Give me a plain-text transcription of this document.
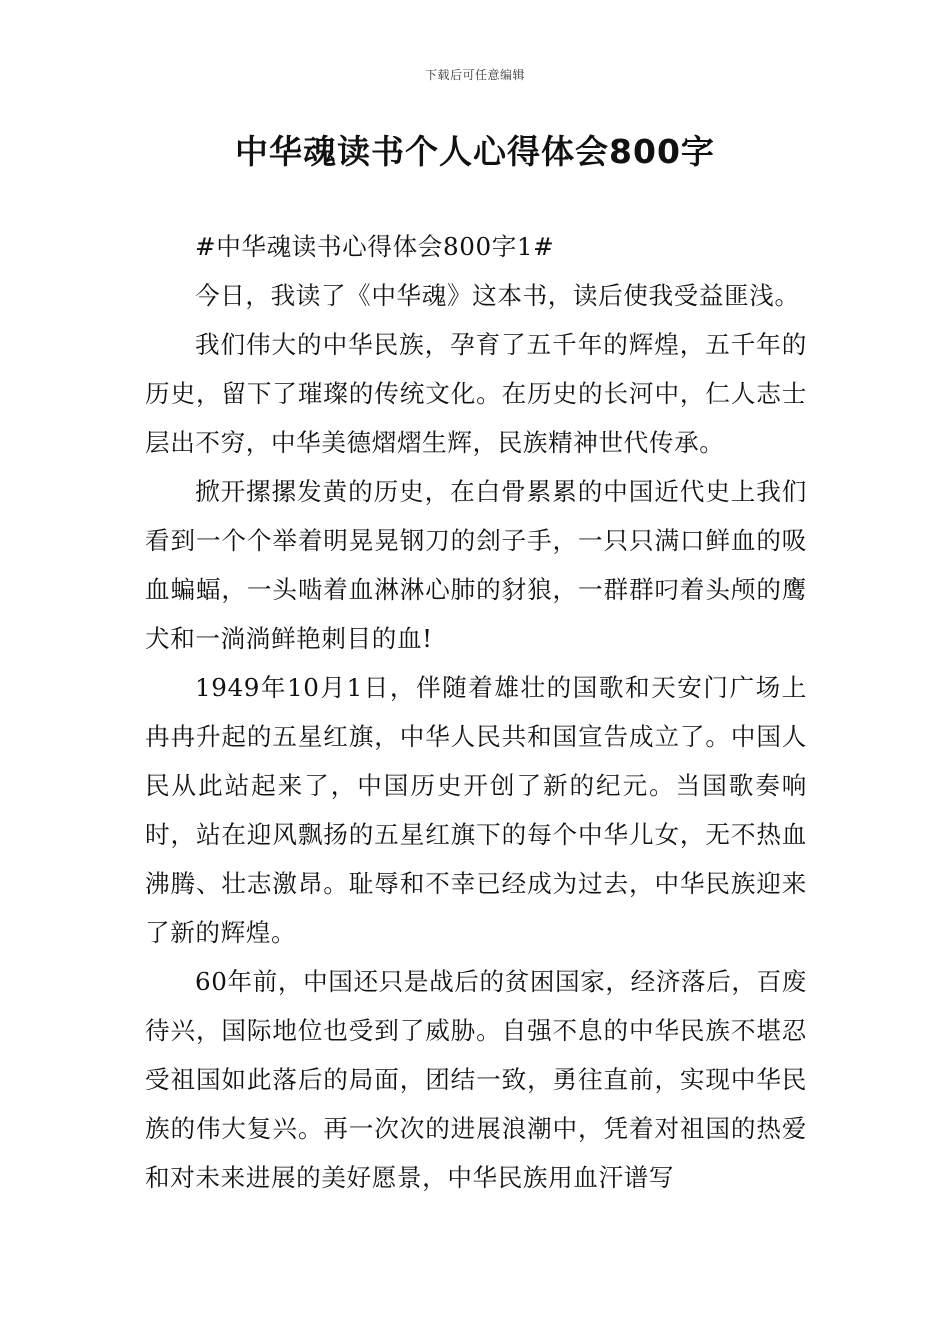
下载后可任意编辑
中华魂读书个人心得体会800字

#中华魂读书心得体会800字1#

今日，我读了《中华魂》这本书，读后使我受益匪浅。

我们伟大的中华民族，孕育了五千年的辉煌，五千年的历史，留下了璀璨的传统文化。在历史的长河中，仁人志士层出不穷，中华美德熠熠生辉，民族精神世代传承。

掀开摞摞发黄的历史，在白骨累累的中国近代史上我们看到一个个举着明晃晃钢刀的刽子手，一只只满口鲜血的吸血蝙蝠，一头啮着血淋淋心肺的豺狼，一群群叼着头颅的鹰犬和一淌淌鲜艳刺目的血!

1949年10月1日，伴随着雄壮的国歌和天安门广场上冉冉升起的五星红旗，中华人民共和国宣告成立了。中国人民从此站起来了，中国历史开创了新的纪元。当国歌奏响时，站在迎风飘扬的五星红旗下的每个中华儿女，无不热血沸腾、壮志激昂。耻辱和不幸已经成为过去，中华民族迎来了新的辉煌。

60年前，中国还只是战后的贫困国家，经济落后，百废待兴，国际地位也受到了威胁。自强不息的中华民族不堪忍受祖国如此落后的局面，团结一致，勇往直前，实现中华民族的伟大复兴。再一次次的进展浪潮中，凭着对祖国的热爱和对未来进展的美好愿景，中华民族用血汗谱写
